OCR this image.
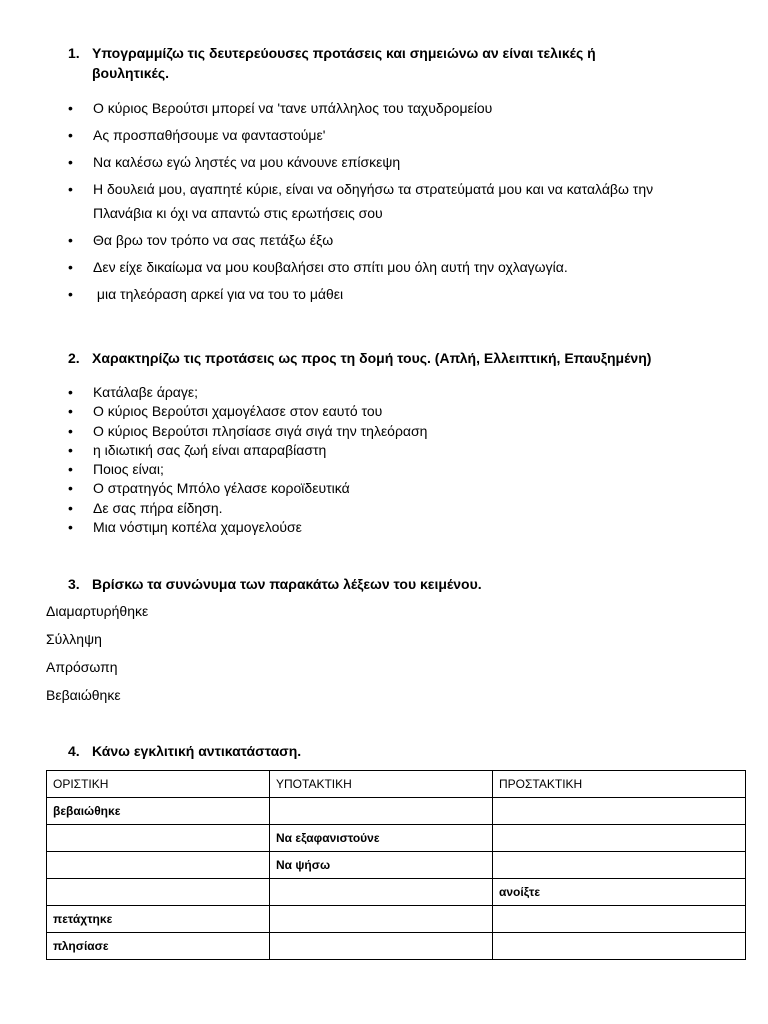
1. Υπογραμμίζω τις δευτερεύουσες προτάσεις και σημειώνω αν είναι τελικές ή
βουλητικές.
• Ο κύριος Βερούτσι μπορεί να 'τανε υπάλληλος του ταχυδρομείου
• Ας προσπαθήσουμε να φανταστούμε'
• Να καλέσω εγώ ληστές να μου κάνουνε επίσκεψη
• Η δουλειά μου, αγαπητέ κύριε, είναι να οδηγήσω τα στρατεύματά μου και να καταλάβω την
Πλανάβια κι όχι να απαντώ στις ερωτήσεις σου
• Θα βρω τον τρόπο να σας πετάξω έξω
• Δεν είχε δικαίωμα να μου κουβαλήσει στο σπίτι μου όλη αυτή την οχλαγωγία.
•  μια τηλεόραση αρκεί για να του το μάθει
2. Χαρακτηρίζω τις προτάσεις ως προς τη δομή τους. (Απλή, Ελλειπτική, Επαυξημένη)
• Κατάλαβε άραγε;
• Ο κύριος Βερούτσι χαμογέλασε στον εαυτό του
• Ο κύριος Βερούτσι πλησίασε σιγά σιγά την τηλεόραση
• η ιδιωτική σας ζωή είναι απαραβίαστη
• Ποιος είναι;
• Ο στρατηγός Μπόλο γέλασε κοροϊδευτικά
• Δε σας πήρα είδηση.
• Μια νόστιμη κοπέλα χαμογελούσε
3. Βρίσκω τα συνώνυμα των παρακάτω λέξεων του κειμένου.

Διαμαρτυρήθηκε

Σύλληψη

Απρόσωπη

Βεβαιώθηκε

4. Κάνω εγκλιτική αντικατάσταση.
ΟΡΙΣΤΙΚΗ	ΥΠΟΤΑΚΤΙΚΗ	ΠΡΟΣΤΑΚΤΙΚΗ
βεβαιώθηκε		
	Να εξαφανιστούνε	
	Να ψήσω	
		ανοίξτε
πετάχτηκε		
πλησίασε		
